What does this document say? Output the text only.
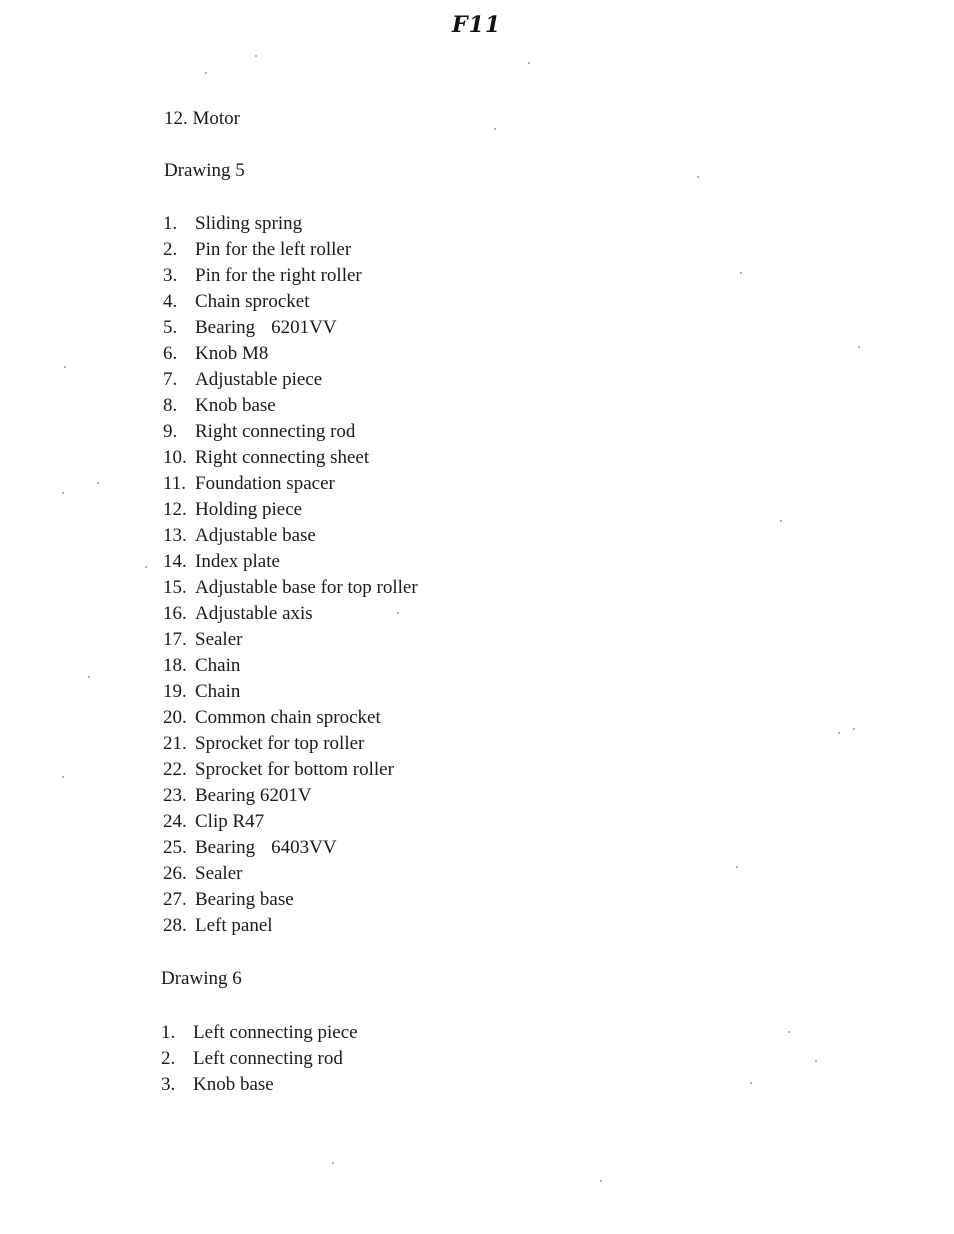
F11
12. Motor
Drawing 5
1. Sliding spring
2. Pin for the left roller
3. Pin for the right roller
4. Chain sprocket
5. Bearing 6201VV
6. Knob M8
7. Adjustable piece
8. Knob base
9. Right connecting rod
10. Right connecting sheet
11. Foundation spacer
12. Holding piece
13. Adjustable base
14. Index plate
15. Adjustable base for top roller
16. Adjustable axis
17. Sealer
18. Chain
19. Chain
20. Common chain sprocket
21. Sprocket for top roller
22. Sprocket for bottom roller
23. Bearing 6201V
24. Clip R47
25. Bearing 6403VV
26. Sealer
27. Bearing base
28. Left panel
Drawing 6
1. Left connecting piece
2. Left connecting rod
3. Knob base
